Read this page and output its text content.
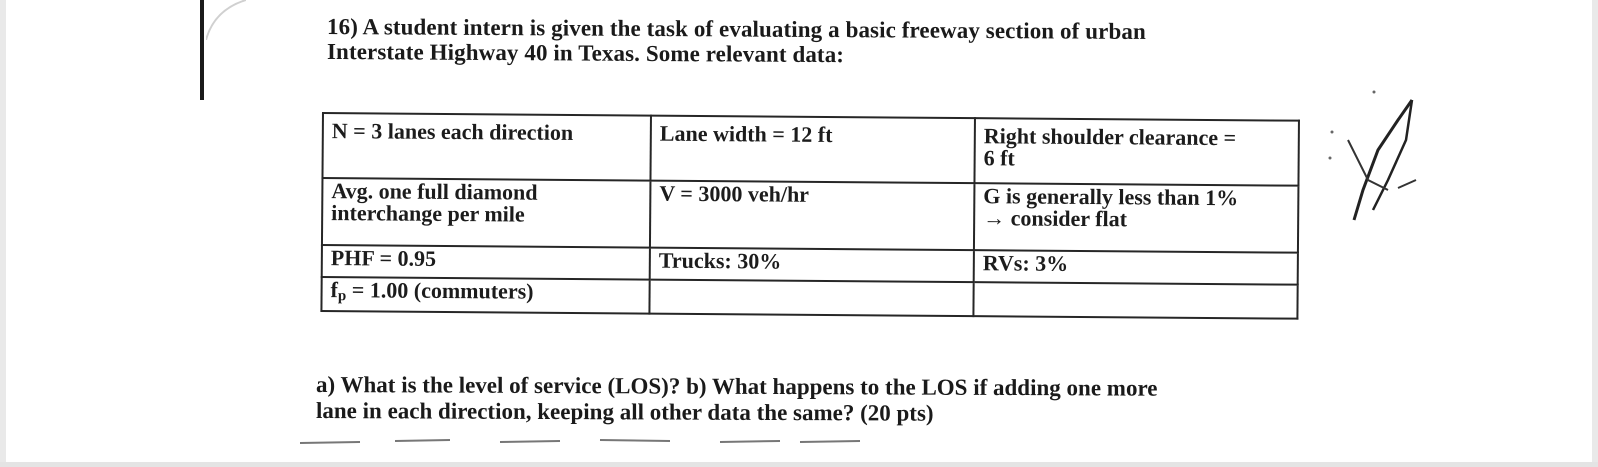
16) A student intern is given the task of evaluating a basic freeway section of urban

Interstate Highway 40 in Texas. Some relevant data:

N = 3 lanes each direction	Lane width = 12 ft	Right shoulder clearance =
6 ft
Avg. one full diamond
interchange per mile	V = 3000 veh/hr	G is generally less than 1%
→ consider flat
PHF = 0.95	Trucks: 30%	RVs: 3%
fp = 1.00 (commuters)		

a) What is the level of service (LOS)? b) What happens to the LOS if adding one more

lane in each direction, keeping all other data the same? (20 pts)
